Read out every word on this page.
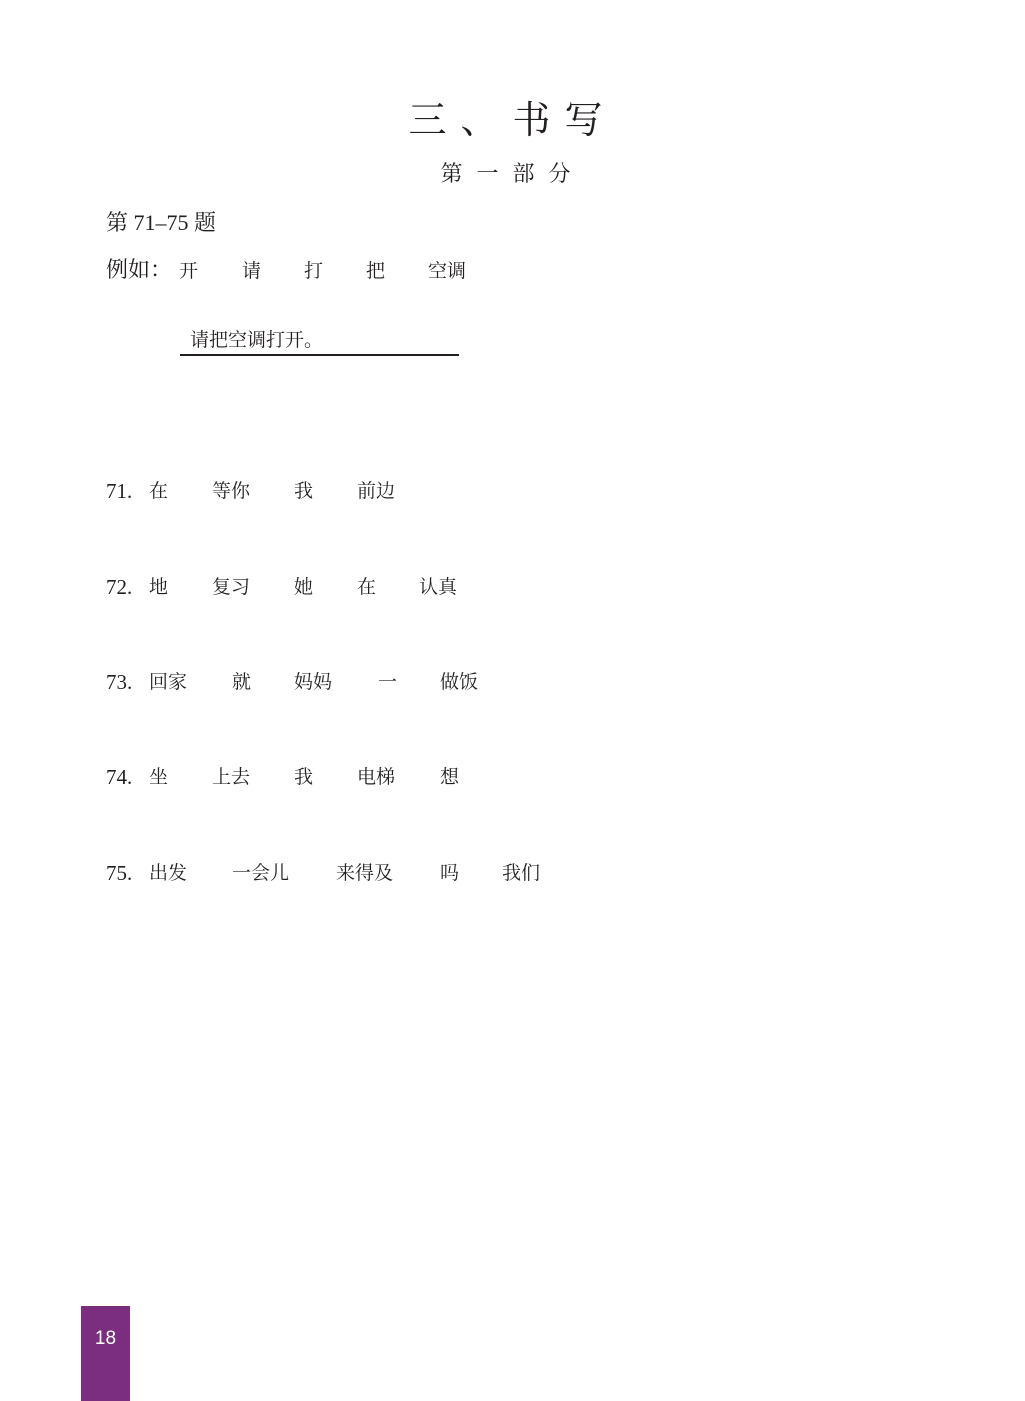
三、书写
第一部分
第 71–75 题
例如： 开 请 打 把 空调
请把空调打开。
71. 在 等你 我 前边
72. 地 复习 她 在 认真
73. 回家 就 妈妈 一 做饭
74. 坐 上去 我 电梯 想
75. 出发 一会儿 来得及 吗 我们
18
